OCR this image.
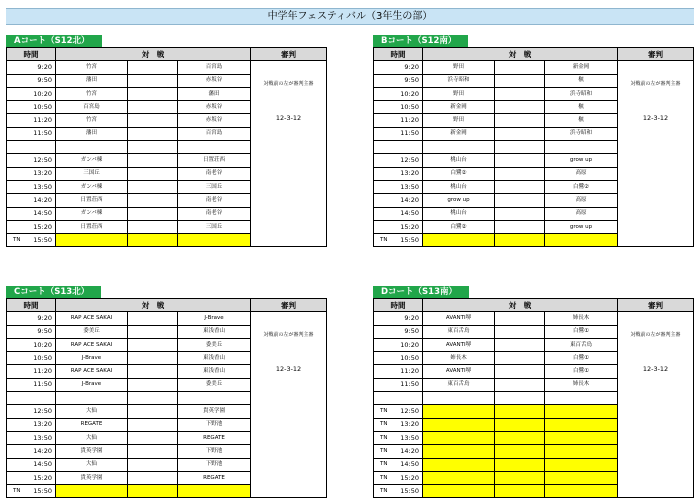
中学年フェスティバル（3年生の部）
Aコート（S12北）
時間	対　戦			審判
9:20	竹宮		百宮島	対戦前の左が審判主審
12-3-12

9:50	藩田		赤坂谷	
10:20	竹宮		藩田	
10:50	百宮島		赤坂谷	
11:20	竹宮		赤坂谷	
11:50	藩田		百宮島	

12:50	ガンバ棟		日置荘西	
13:20	三国丘		南老谷	
13:50	ガンバ棟		三国丘	
14:20	日置荘西		南老谷	
14:50	ガンバ棟		南老谷	
15:20	日置荘西		三国丘	

TN 15:50				
Bコート（S12南）
時間	対　戦			審判
9:20	野田		新金岡	対戦前の左が審判主審
12-3-12

9:50	浜寺昭和		槇	
10:20	野田		浜寺昭和	
10:50	新金岡		槇	
11:20	野田		槇	
11:50	新金岡		浜寺昭和	

12:50	桃山台		grow up	
13:20	白鷺②		高原	
13:50	桃山台		白鷺②	
14:20	grow up		高原	
14:50	桃山台		高原	
15:20	白鷺②		grow up	

TN 15:50				
Cコート（S13北）
時間	対　戦			審判
9:20	RAP ACE SAKAI		J-Brave	対戦前の左が審判主審
12-3-12

9:50	委美丘		東浅香山	
10:20	RAP ACE SAKAI		委美丘	
10:50	J-Brave		東浅香山	
11:20	RAP ACE SAKAI		東浅香山	
11:50	J-Brave		委美丘	

12:50	大仙		貴英学園	
13:20	REGATE		下野池	
13:50	大仙		REGATE	
14:20	貴英学園		下野池	
14:50	大仙		下野池	
15:20	貴英学園		REGATE	

TN 15:50				
Dコート（S13南）
時間	対　戦			審判
9:20	AVANTI堺		姉長木	対戦前の左が審判主審
12-3-12

9:50	東百舌鳥		白鷺①	
10:20	AVANTI堺		東百舌鳥	
10:50	姉長木		白鷺①	
11:20	AVANTI堺		白鷺①	
11:50	東百舌鳥		姉長木	

TN 12:50				

TN 13:20				

TN 13:50				

TN 14:20				

TN 14:50				

TN 15:20				

TN 15:50				
